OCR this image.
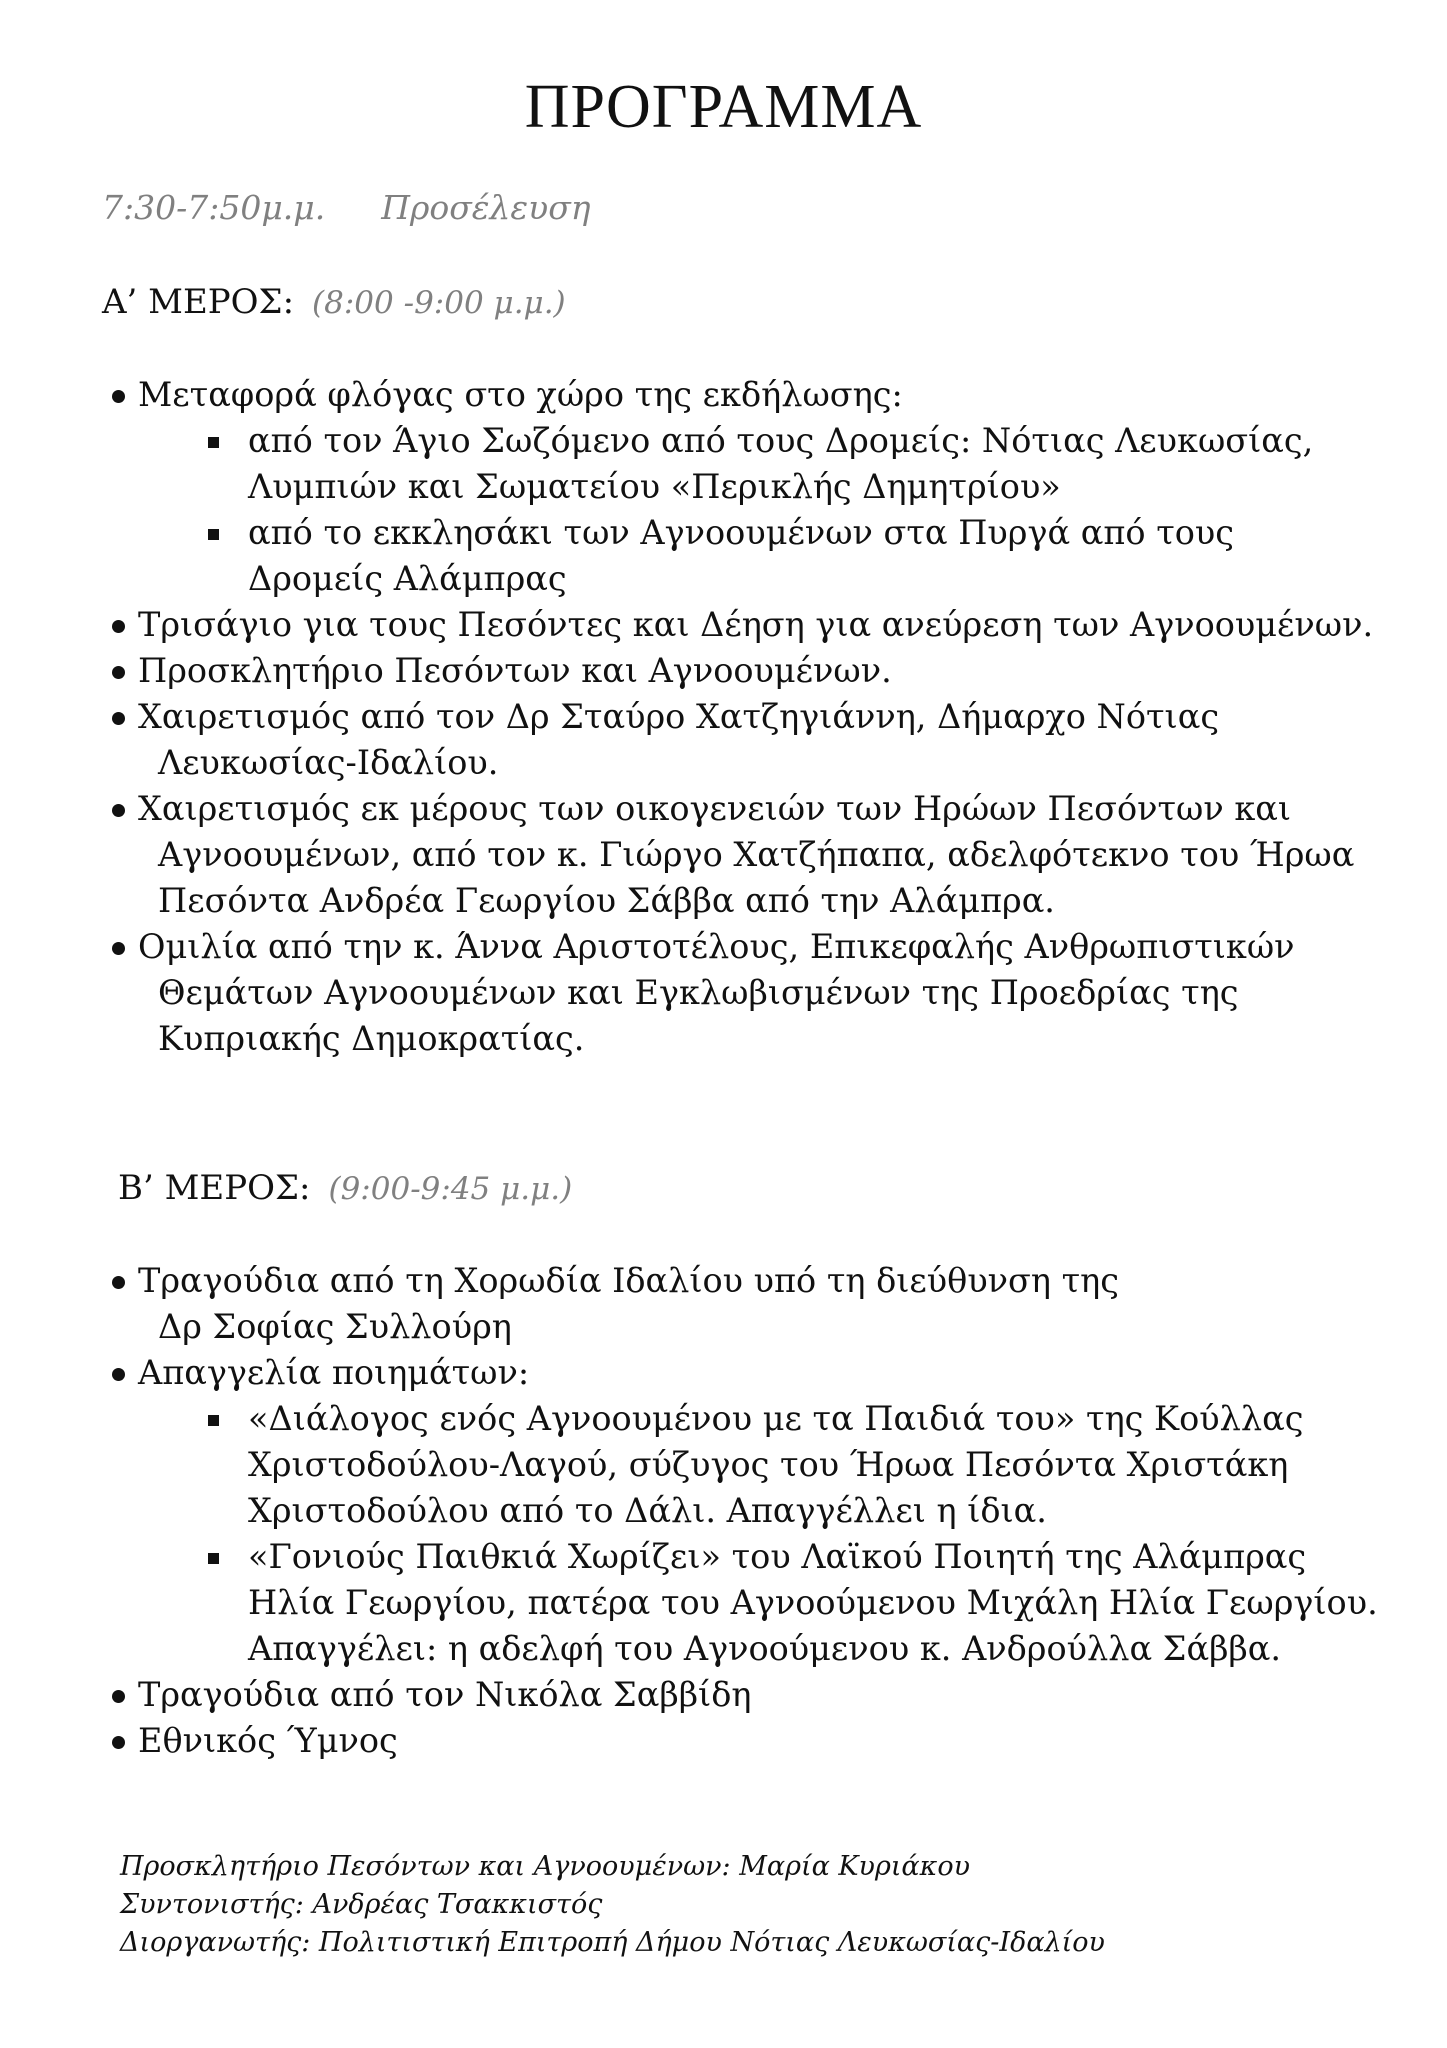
ΠΡΟΓΡΑΜΜΑ
7:30-7:50μ.μ. Προσέλευση
Α’ ΜΕΡΟΣ: (8:00 -9:00 μ.μ.)
Β’ ΜΕΡΟΣ: (9:00-9:45 μ.μ.)
Μεταφορά φλόγας στο χώρο της εκδήλωσης:
από τον Άγιο Σωζόμενο από τους Δρομείς: Νότιας Λευκωσίας,
Λυμπιών και Σωματείου «Περικλής Δημητρίου»
από το εκκλησάκι των Αγνοουμένων στα Πυργά από τους
Δρομείς Αλάμπρας
Τρισάγιο για τους Πεσόντες και Δέηση για ανεύρεση των Αγνοουμένων.
Προσκλητήριο Πεσόντων και Αγνοουμένων.
Χαιρετισμός από τον Δρ Σταύρο Χατζηγιάννη, Δήμαρχο Νότιας
Λευκωσίας-Ιδαλίου.
Χαιρετισμός εκ μέρους των οικογενειών των Ηρώων Πεσόντων και
Αγνοουμένων, από τον κ. Γιώργο Χατζήπαπα, αδελφότεκνο του Ήρωα
Πεσόντα Ανδρέα Γεωργίου Σάββα από την Αλάμπρα.
Ομιλία από την κ. Άννα Αριστοτέλους, Επικεφαλής Ανθρωπιστικών
Θεμάτων Αγνοουμένων και Εγκλωβισμένων της Προεδρίας της
Κυπριακής Δημοκρατίας.
Τραγούδια από τη Χορωδία Ιδαλίου υπό τη διεύθυνση της
Δρ Σοφίας Συλλούρη
Απαγγελία ποιημάτων:
«Διάλογος ενός Αγνοουμένου με τα Παιδιά του» της Κούλλας
Χριστοδούλου-Λαγού, σύζυγος του Ήρωα Πεσόντα Χριστάκη
Χριστοδούλου από το Δάλι. Απαγγέλλει η ίδια.
«Γονιούς Παιθκιά Χωρίζει» του Λαϊκού Ποιητή της Αλάμπρας
Ηλία Γεωργίου, πατέρα του Αγνοούμενου Μιχάλη Ηλία Γεωργίου.
Απαγγέλει: η αδελφή του Αγνοούμενου κ. Ανδρούλλα Σάββα.
Τραγούδια από τον Νικόλα Σαββίδη
Εθνικός Ύμνος
Προσκλητήριο Πεσόντων και Αγνοουμένων: Μαρία Κυριάκου
Συντονιστής: Ανδρέας Τσακκιστός
Διοργανωτής: Πολιτιστική Επιτροπή Δήμου Νότιας Λευκωσίας-Ιδαλίου
